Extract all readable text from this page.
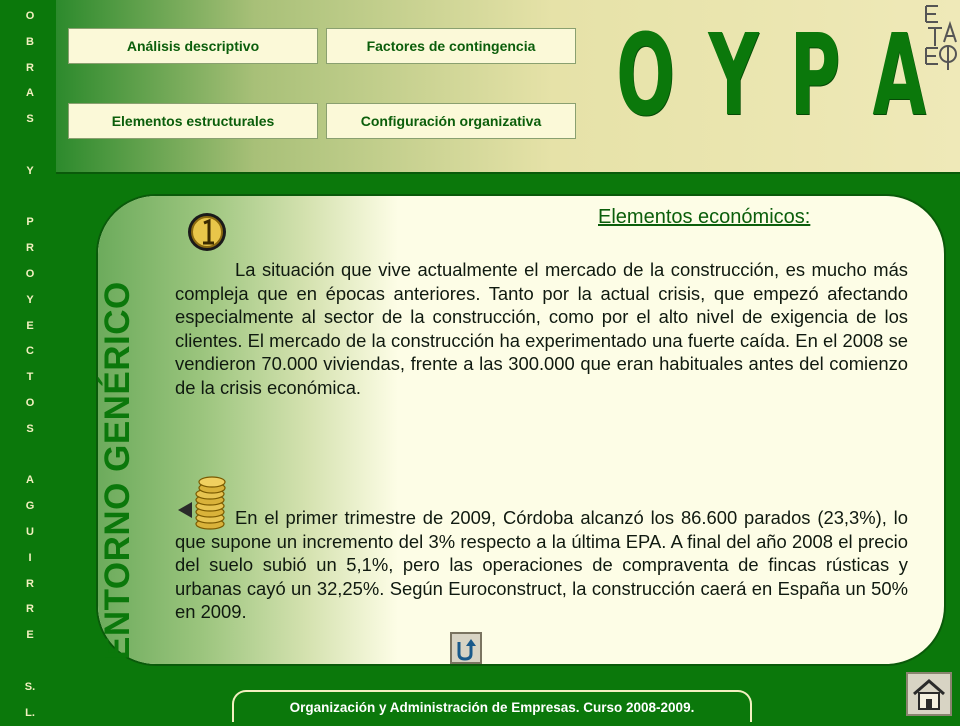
O
B
R
A
S

Y

P
R
O
Y
E
C
T
O
S

A
G
U
I
R
R
E

S.
L.
Análisis descriptivo	Factores de contingencia
Elementos estructurales	Configuración organizativa O Y P A
ENTORNO GENÉRICO
Elementos económicos:

La situación que vive actualmente el mercado de la construcción, es mucho más compleja que en épocas anteriores. Tanto por la actual crisis, que empezó afectando especialmente al sector de la construcción, como por el alto nivel de exigencia de los clientes. El mercado de la construcción ha experimentado una fuerte caída. En el 2008 se vendieron 70.000 viviendas, frente a las 300.000 que eran habituales antes del comienzo de la crisis económica.

En el primer trimestre de 2009, Córdoba alcanzó los 86.600 parados (23,3%), lo que supone un incremento del 3% respecto a la última EPA. A final del año 2008 el precio del suelo subió un 5,1%, pero las operaciones de compraventa de fincas rústicas y urbanas cayó un 32,25%. Según Euroconstruct, la construcción caerá en España un 50% en 2009.

Organización y Administración de Empresas. Curso 2008-2009.
